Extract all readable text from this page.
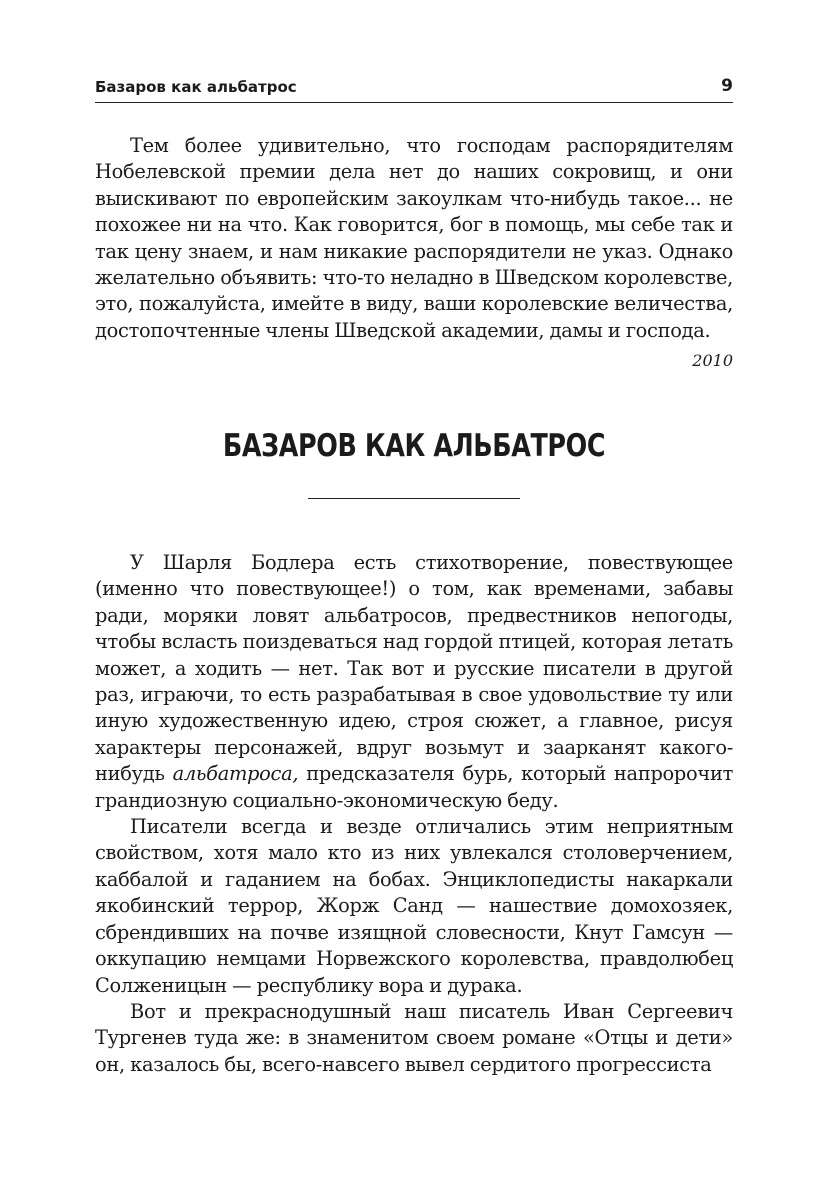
Базаров как альбатрос	9

Тем более удивительно, что господам распорядителям Нобелевской премии дела нет до наших сокровищ, и они выискивают по европейским закоулкам что-нибудь такое... не похожее ни на что. Как говорится, бог в помощь, мы себе так и так цену знаем, и нам никакие распорядители не указ. Однако желательно объявить: что-то неладно в Шведском королевстве, это, пожалуйста, имейте в виду, ваши королевские величества, достопочтенные члены Шведской академии, дамы и господа.

2010
БАЗАРОВ КАК АЛЬБАТРОС

У Шарля Бодлера есть стихотворение, повествующее (именно что повествующее!) о том, как временами, забавы ради, моряки ловят альбатросов, предвестников непогоды, чтобы всласть поиздеваться над гордой птицей, которая летать может, а ходить — нет. Так вот и русские писатели в другой раз, играючи, то есть разрабатывая в свое удовольствие ту или иную художественную идею, строя сюжет, а главное, рисуя характеры персонажей, вдруг возьмут и заарканят какого-нибудь альбатроса, предсказателя бурь, который напророчит грандиозную социально-экономическую беду.

Писатели всегда и везде отличались этим неприятным свойством, хотя мало кто из них увлекался столоверчением, каббалой и гаданием на бобах. Энциклопедисты накаркали якобинский террор, Жорж Санд — нашествие домохозяек, сбрендивших на почве изящной словесности, Кнут Гамсун — оккупацию немцами Норвежского королевства, правдолюбец Солженицын — республику вора и дурака.

Вот и прекраснодушный наш писатель Иван Сергеевич Тургенев туда же: в знаменитом своем романе «Отцы и дети» он, казалось бы, всего-навсего вывел сердитого прогрессиста
